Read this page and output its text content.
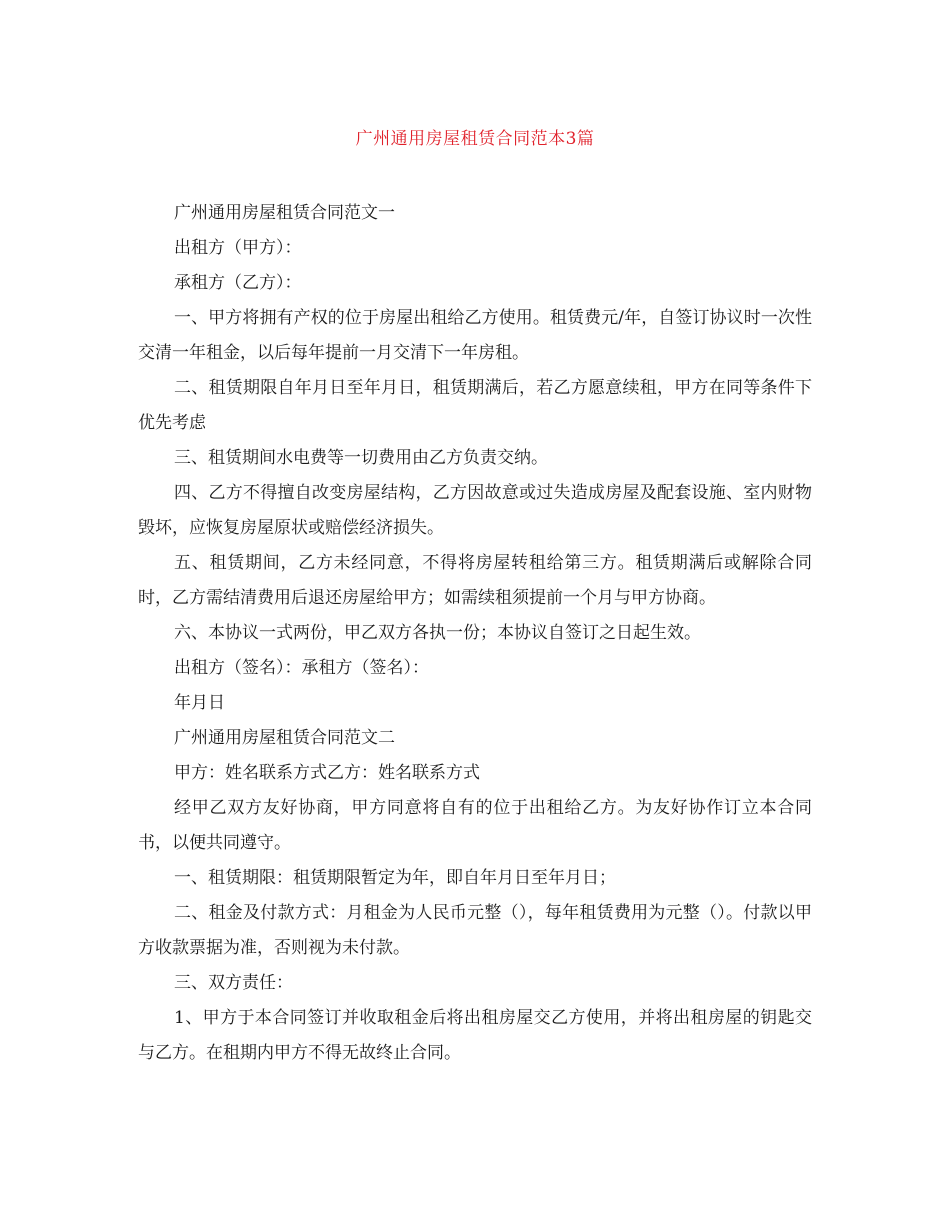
广州通用房屋租赁合同范本3篇

广州通用房屋租赁合同范文一

出租方（甲方）：

承租方（乙方）：

一、甲方将拥有产权的位于房屋出租给乙方使用。租赁费元/年，自签订协议时一次性交清一年租金，以后每年提前一月交清下一年房租。

二、租赁期限自年月日至年月日，租赁期满后，若乙方愿意续租，甲方在同等条件下优先考虑

三、租赁期间水电费等一切费用由乙方负责交纳。

四、乙方不得擅自改变房屋结构，乙方因故意或过失造成房屋及配套设施、室内财物毁坏，应恢复房屋原状或赔偿经济损失。

五、租赁期间，乙方未经同意，不得将房屋转租给第三方。租赁期满后或解除合同时，乙方需结清费用后退还房屋给甲方；如需续租须提前一个月与甲方协商。

六、本协议一式两份，甲乙双方各执一份；本协议自签订之日起生效。

出租方（签名）：承租方（签名）：

年月日

广州通用房屋租赁合同范文二

甲方：姓名联系方式乙方：姓名联系方式

经甲乙双方友好协商，甲方同意将自有的位于出租给乙方。为友好协作订立本合同书，以便共同遵守。

一、租赁期限：租赁期限暂定为年，即自年月日至年月日；

二、租金及付款方式：月租金为人民币元整（），每年租赁费用为元整（）。付款以甲方收款票据为准，否则视为未付款。

三、双方责任：

1、甲方于本合同签订并收取租金后将出租房屋交乙方使用，并将出租房屋的钥匙交与乙方。在租期内甲方不得无故终止合同。
